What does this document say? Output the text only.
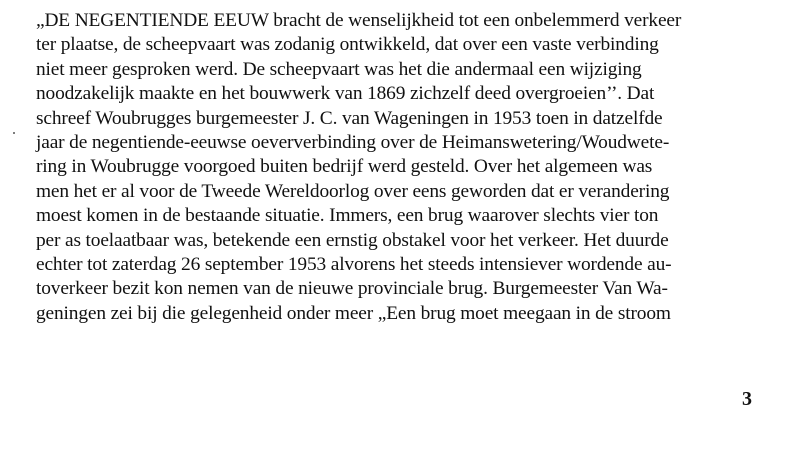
„DE NEGENTIENDE EEUW bracht de wenselijkheid tot een onbelemmerd verkeer
ter plaatse, de scheepvaart was zodanig ontwikkeld, dat over een vaste verbinding
niet meer gesproken werd. De scheepvaart was het die andermaal een wijziging
noodzakelijk maakte en het bouwwerk van 1869 zichzelf deed overgroeien’’. Dat
schreef Woubrugges burgemeester J. C. van Wageningen in 1953 toen in datzelfde
jaar de negentiende-eeuwse oeververbinding over de Heimanswetering/Woudwete-
ring in Woubrugge voorgoed buiten bedrijf werd gesteld. Over het algemeen was
men het er al voor de Tweede Wereldoorlog over eens geworden dat er verandering
moest komen in de bestaande situatie. Immers, een brug waarover slechts vier ton
per as toelaatbaar was, betekende een ernstig obstakel voor het verkeer. Het duurde
echter tot zaterdag 26 september 1953 alvorens het steeds intensiever wordende au-
toverkeer bezit kon nemen van de nieuwe provinciale brug. Burgemeester Van Wa-
geningen zei bij die gelegenheid onder meer „Een brug moet meegaan in de stroom
3
